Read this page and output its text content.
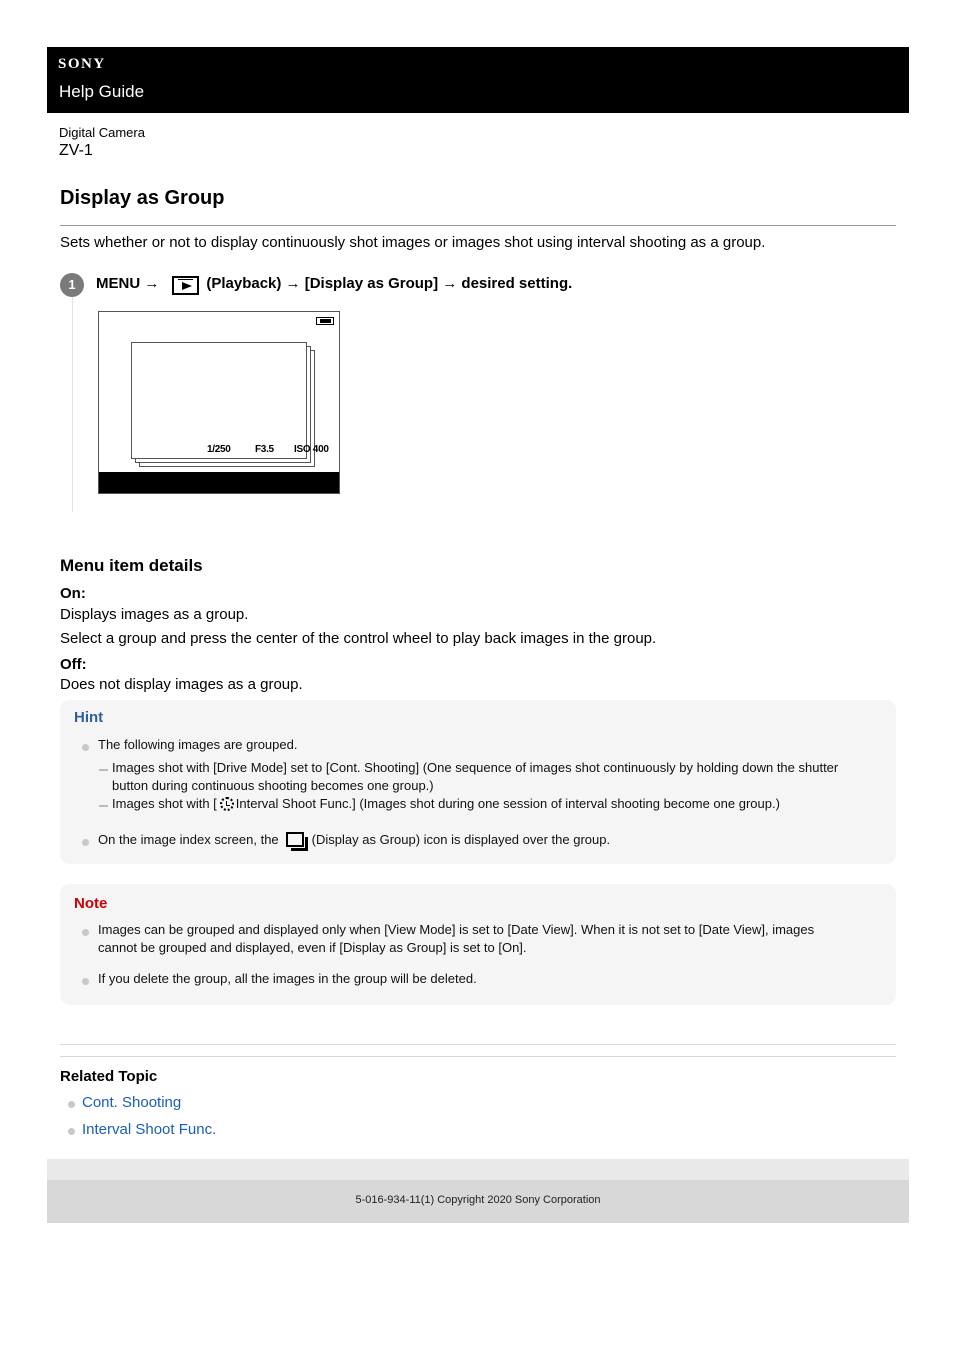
SONY
Help Guide
Digital Camera
ZV-1
Display as Group

Sets whether or not to display continuously shot images or images shot using interval shooting as a group.

1	MENU →	(Playback) → [Display as Group] → desired setting.
1/250 F3.5 ISO 400
Menu item details
On:
Displays images as a group.
Select a group and press the center of the control wheel to play back images in the group.
Off:
Does not display images as a group.
Hint
The following images are grouped.
Images shot with [Drive Mode] set to [Cont. Shooting] (One sequence of images shot continuously by holding down the shutter
button during continuous shooting becomes one group.)
Images shot with [ Interval Shoot Func.] (Images shot during one session of interval shooting become one group.)
On the image index screen, the	(Display as Group) icon is displayed over the group.
Note
Images can be grouped and displayed only when [View Mode] is set to [Date View]. When it is not set to [Date View], images
cannot be grouped and displayed, even if [Display as Group] is set to [On].
If you delete the group, all the images in the group will be deleted.
Related Topic
Cont. Shooting
Interval Shoot Func.
5-016-934-11(1) Copyright 2020 Sony Corporation
